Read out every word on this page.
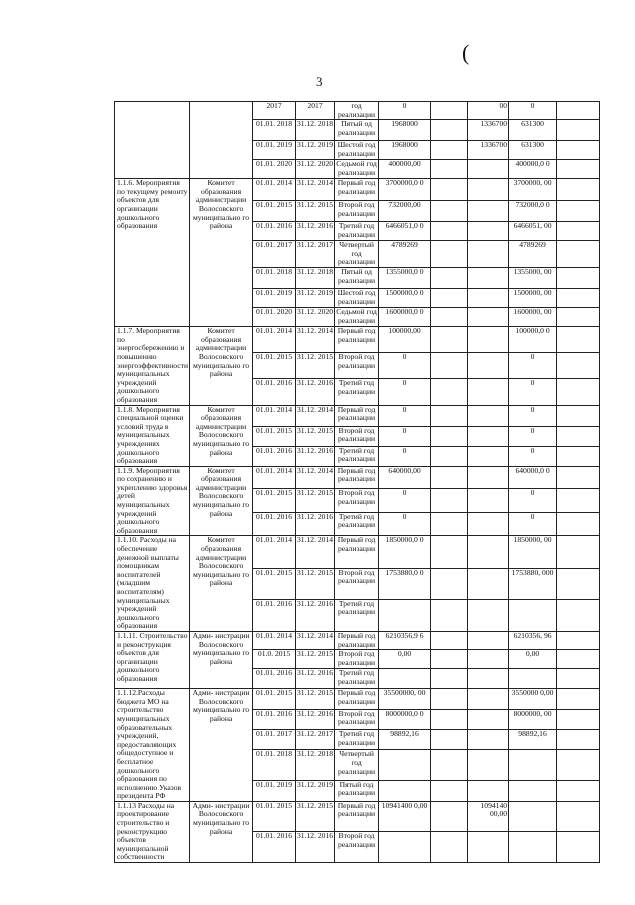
(
3
		2017	2017	год реализации	0		00	0	
		01.01. 2018	31.12. 2018	Пятый од реализации	1968000		1336700	631300	
		01.01. 2019	31.12. 2019	Шестой год реализации	1968000		1336700	631300	
		01.01. 2020	31.12. 2020	Седьмой год реализации	400000,00			400000,0 0	
1.1.6. Мероприятия по текущему ремонту объектов для организации дошкольного образования	Комитет образования администрации Волосовского муниципально го района	01.01. 2014	31.12. 2014	Первый год реализации	3700000,0 0			3700000, 00	
		01.01. 2015	31.12. 2015	Второй год реализации	732000,00			732000,0 0	
		01.01. 2016	31.12. 2016	Третий год реализации	6466051,0 0			6466051, 00	
		01.01. 2017	31.12. 2017	Четвертый год реализации	4789269			4789269	
		01.01. 2018	31.12. 2018	Пятый од реализации	1355000,0 0			1355000, 00	
		01.01. 2019	31.12. 2019	Шестой год реализации	1500000,0 0			1500000, 00	
		01.01. 2020	31.12. 2020	Седьмой год реализации	1600000,0 0			1600000, 00	
1.1.7. Мероприятия по энергосбережению и повышению энергоэффективности муниципальных учреждений дошкольного образования	Комитет образования администрации Волосовского муниципально го района	01.01. 2014	31.12. 2014	Первый год реализации	100000,00			100000,0 0	
		01.01. 2015	31.12. 2015	Второй год реализации	0			0	
		01.01. 2016	31.12. 2016	Третий год реализации	0			0	
1.1.8. Мероприятия специальной оценки условий труда в муниципальных учреждениях дошкольного образования	Комитет образования администрации Волосовского муниципально го района	01.01. 2014	31.12. 2014	Первый год реализации	0			0	
		01.01. 2015	31.12. 2015	Второй год реализации	0			0	
		01.01. 2016	31.12. 2016	Третий год реализации	0			0	
1.1.9. Мероприятия по сохранению и укреплению здоровья детей муниципальных учреждений дошкольного образования	Комитет образования администрации Волосовского муниципально го района	01.01. 2014	31.12. 2014	Первый год реализации	640000,00			640000,0 0	
		01.01. 2015	31.12. 2015	Второй год реализации	0			0	
		01.01. 2016	31.12. 2016	Третий год реализации	0			0	
1.1.10. Расходы на обеспечение денежной выплаты помощникам воспитателей (младшим воспитателям) муниципальных учреждений дошкольного образования	Комитет образования администрации Волосовского муниципально го района	01.01. 2014	31.12. 2014	Первый год реализации	1850000,0 0			1850000, 00	
		01.01. 2015	31.12. 2015	Второй год реализации	1753880,0 0			1753880, 000	
		01.01. 2016	31.12. 2016	Третий год реализации					
1.1.11. Строительство и реконструкция объектов для организации дошкольного образования	Адми- нистрации Волосовского муниципально го района	01.01. 2014	31.12. 2014	Первый год реализации	6210356,9 6			6210356, 96	
		01.0. 2015	31.12. 2015	Второй год реализации	0,00			0,00	
		01.01. 2016	31.12. 2016	Третий год реализации					
1.1.12.Расходы бюджета МО на строительство муниципальных образовательных учреждений, предоставляющих общедоступное и бесплатное дошкольного образования по исполнению Указов президента РФ	Адми- нистрации Волосовского муниципально го района	01.01. 2015	31.12. 2015	Первый год реализации	35500000, 00			3550000 0,00	
		01.01. 2016	31.12. 2016	Второй год реализации	8000000,0 0			8000000, 00	
		01.01. 2017	31.12. 2017	Третий год реализации	98892,16			98892,16	
		01.01. 2018	31.12. 2018	Четвертый год реализации					
		01.01. 2019	31.12. 2019	Пятый год реализации					
1.1.13 Расходы на проектирование строительство и реконструкцию объектов муниципальной собственности	Адми- нистрации Волосовского муниципально го района	01.01. 2015	31.12. 2015	Первый год реализации	10941400 0,00		1094140 00,00		
		01.01. 2016	31.12. 2016	Второй год реализации					
